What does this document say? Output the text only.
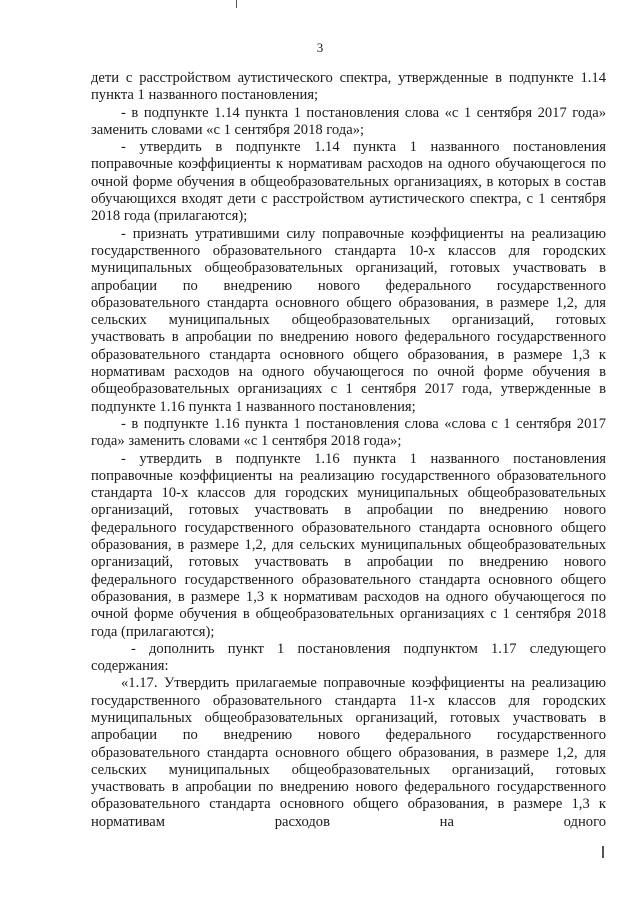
3

дети с расстройством аутистического спектра, утвержденные в подпункте 1.14 пункта 1 названного постановления;

- в подпункте 1.14 пункта 1 постановления слова «с 1 сентября 2017 года» заменить словами «с 1 сентября 2018 года»;

- утвердить в подпункте 1.14 пункта 1 названного постановления поправочные коэффициенты к нормативам расходов на одного обучающегося по очной форме обучения в общеобразовательных организациях, в которых в состав обучающихся входят дети с расстройством аутистического спектра, с 1 сентября 2018 года (прилагаются);

- признать утратившими силу поправочные коэффициенты на реализацию государственного образовательного стандарта 10-х классов для городских муниципальных общеобразовательных организаций, готовых участвовать в апробации по внедрению нового федерального государственного образовательного стандарта основного общего образования, в размере 1,2, для сельских муниципальных общеобразовательных организаций, готовых участвовать в апробации по внедрению нового федерального государственного образовательного стандарта основного общего образования, в размере 1,3 к нормативам расходов на одного обучающегося по очной форме обучения в общеобразовательных организациях с 1 сентября 2017 года, утвержденные в подпункте 1.16 пункта 1 названного постановления;

- в подпункте 1.16 пункта 1 постановления слова «слова с 1 сентября 2017 года» заменить словами «с 1 сентября 2018 года»;

- утвердить в подпункте 1.16 пункта 1 названного постановления поправочные коэффициенты на реализацию государственного образовательного стандарта 10-х классов для городских муниципальных общеобразовательных организаций, готовых участвовать в апробации по внедрению нового федерального государственного образовательного стандарта основного общего образования, в размере 1,2, для сельских муниципальных общеобразовательных организаций, готовых участвовать в апробации по внедрению нового федерального государственного образовательного стандарта основного общего образования, в размере 1,3 к нормативам расходов на одного обучающегося по очной форме обучения в общеобразовательных организациях с 1 сентября 2018 года (прилагаются);

- дополнить пункт 1 постановления подпунктом 1.17 следующего содержания:

«1.17. Утвердить прилагаемые поправочные коэффициенты на реализацию государственного образовательного стандарта 11-х классов для городских муниципальных общеобразовательных организаций, готовых участвовать в апробации по внедрению нового федерального государственного образовательного стандарта основного общего образования, в размере 1,2, для сельских муниципальных общеобразовательных организаций, готовых участвовать в апробации по внедрению нового федерального государственного образовательного стандарта основного общего образования, в размере 1,3 к нормативам расходов на одного
